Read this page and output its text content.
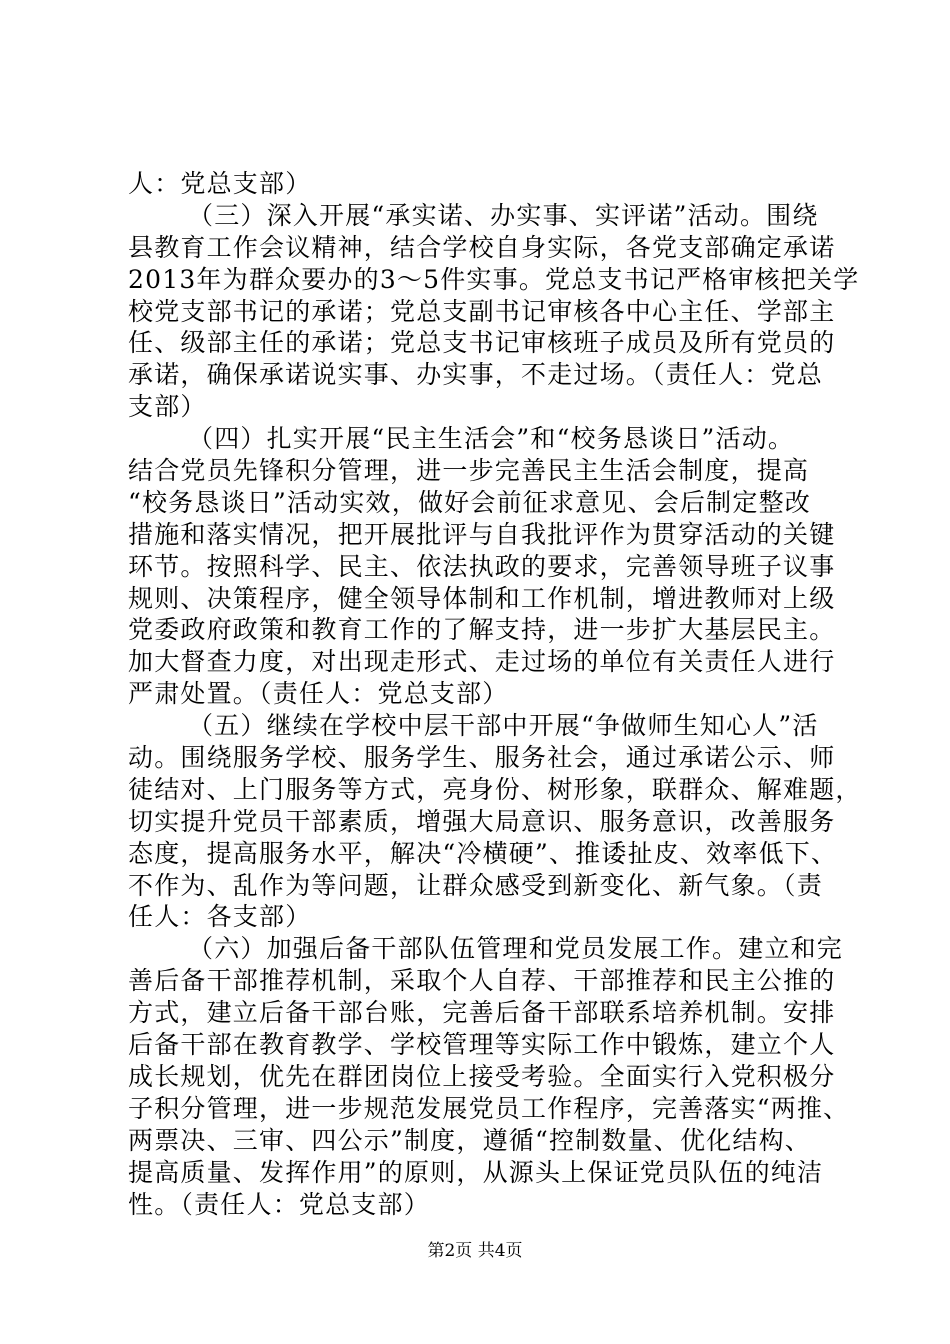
人：党总支部）

（三）深入开展“承实诺、办实事、实评诺”活动。围绕

县教育工作会议精神，结合学校自身实际，各党支部确定承诺

2013年为群众要办的3～5件实事。党总支书记严格审核把关学

校党支部书记的承诺；党总支副书记审核各中心主任、学部主

任、级部主任的承诺；党总支书记审核班子成员及所有党员的

承诺，确保承诺说实事、办实事，不走过场。（责任人：党总

支部）

（四）扎实开展“民主生活会”和“校务恳谈日”活动。

结合党员先锋积分管理，进一步完善民主生活会制度，提高

“校务恳谈日”活动实效，做好会前征求意见、会后制定整改

措施和落实情况，把开展批评与自我批评作为贯穿活动的关键

环节。按照科学、民主、依法执政的要求，完善领导班子议事

规则、决策程序，健全领导体制和工作机制，增进教师对上级

党委政府政策和教育工作的了解支持，进一步扩大基层民主。

加大督查力度，对出现走形式、走过场的单位有关责任人进行

严肃处置。（责任人：党总支部）

（五）继续在学校中层干部中开展“争做师生知心人”活

动。围绕服务学校、服务学生、服务社会，通过承诺公示、师

徒结对、上门服务等方式，亮身份、树形象，联群众、解难题，

切实提升党员干部素质，增强大局意识、服务意识，改善服务

态度，提高服务水平，解决“冷横硬”、推诿扯皮、效率低下、

不作为、乱作为等问题，让群众感受到新变化、新气象。（责

任人：各支部）

（六）加强后备干部队伍管理和党员发展工作。建立和完

善后备干部推荐机制，采取个人自荐、干部推荐和民主公推的

方式，建立后备干部台账，完善后备干部联系培养机制。安排

后备干部在教育教学、学校管理等实际工作中锻炼，建立个人

成长规划，优先在群团岗位上接受考验。全面实行入党积极分

子积分管理，进一步规范发展党员工作程序，完善落实“两推、

两票决、三审、四公示”制度，遵循“控制数量、优化结构、

提高质量、发挥作用”的原则，从源头上保证党员队伍的纯洁

性。（责任人：党总支部）

第2页 共4页
